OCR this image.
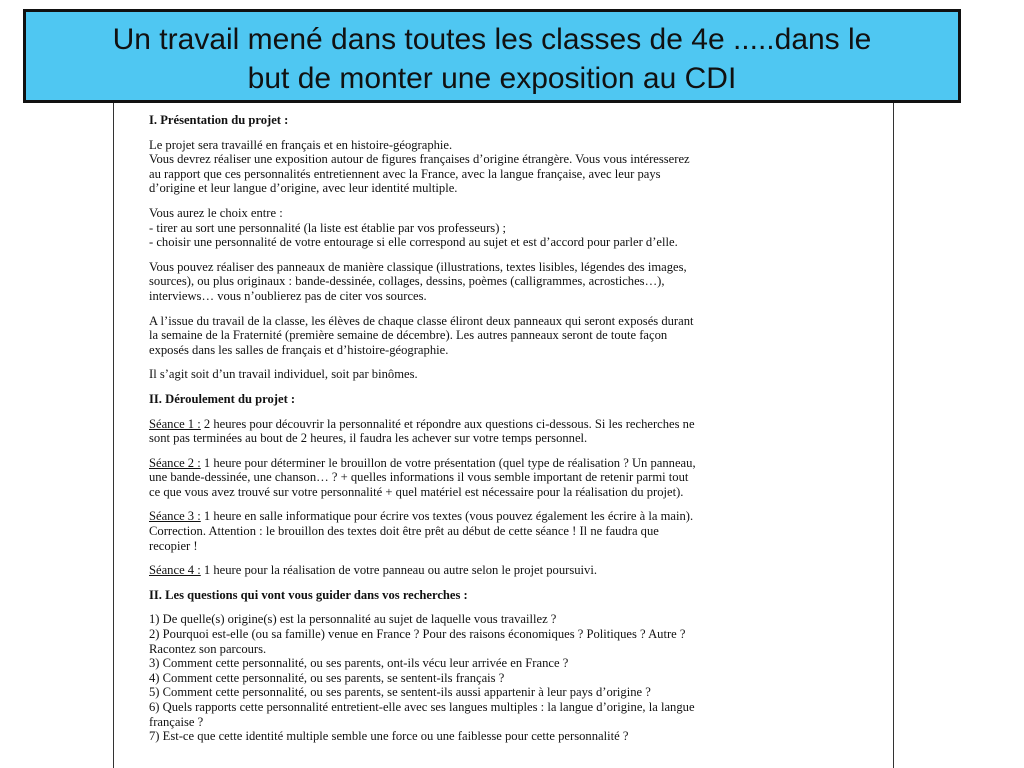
Un travail mené dans toutes les classes de 4e .....dans le
but de monter une exposition au CDI

I. Présentation du projet :

Le projet sera travaillé en français et en histoire-géographie.
Vous devrez réaliser une exposition autour de figures françaises d’origine étrangère. Vous vous intéresserez
au rapport que ces personnalités entretiennent avec la France, avec la langue française, avec leur pays
d’origine et leur langue d’origine, avec leur identité multiple.

Vous aurez le choix entre :
- tirer au sort une personnalité (la liste est établie par vos professeurs) ;
- choisir une personnalité de votre entourage si elle correspond au sujet et est d’accord pour parler d’elle.

Vous pouvez réaliser des panneaux de manière classique (illustrations, textes lisibles, légendes des images,
sources), ou plus originaux : bande-dessinée, collages, dessins, poèmes (calligrammes, acrostiches…),
interviews… vous n’oublierez pas de citer vos sources.

A l’issue du travail de la classe, les élèves de chaque classe éliront deux panneaux qui seront exposés durant
la semaine de la Fraternité (première semaine de décembre). Les autres panneaux seront de toute façon
exposés dans les salles de français et d’histoire-géographie.

Il s’agit soit d’un travail individuel, soit par binômes.

II. Déroulement du projet :

Séance 1 : 2 heures pour découvrir la personnalité et répondre aux questions ci-dessous. Si les recherches ne
sont pas terminées au bout de 2 heures, il faudra les achever sur votre temps personnel.

Séance 2 : 1 heure pour déterminer le brouillon de votre présentation (quel type de réalisation ? Un panneau,
une bande-dessinée, une chanson… ? + quelles informations il vous semble important de retenir parmi tout
ce que vous avez trouvé sur votre personnalité + quel matériel est nécessaire pour la réalisation du projet).

Séance 3 : 1 heure en salle informatique pour écrire vos textes (vous pouvez également les écrire à la main).
Correction. Attention : le brouillon des textes doit être prêt au début de cette séance ! Il ne faudra que
recopier !

Séance 4 : 1 heure pour la réalisation de votre panneau ou autre selon le projet poursuivi.

II. Les questions qui vont vous guider dans vos recherches :

1) De quelle(s) origine(s) est la personnalité au sujet de laquelle vous travaillez ?
2) Pourquoi est-elle (ou sa famille) venue en France ? Pour des raisons économiques ? Politiques ? Autre ?
Racontez son parcours.
3) Comment cette personnalité, ou ses parents, ont-ils vécu leur arrivée en France ?
4) Comment cette personnalité, ou ses parents, se sentent-ils français ?
5) Comment cette personnalité, ou ses parents, se sentent-ils aussi appartenir à leur pays d’origine ?
6) Quels rapports cette personnalité entretient-elle avec ses langues multiples : la langue d’origine, la langue
française ?
7) Est-ce que cette identité multiple semble une force ou une faiblesse pour cette personnalité ?
